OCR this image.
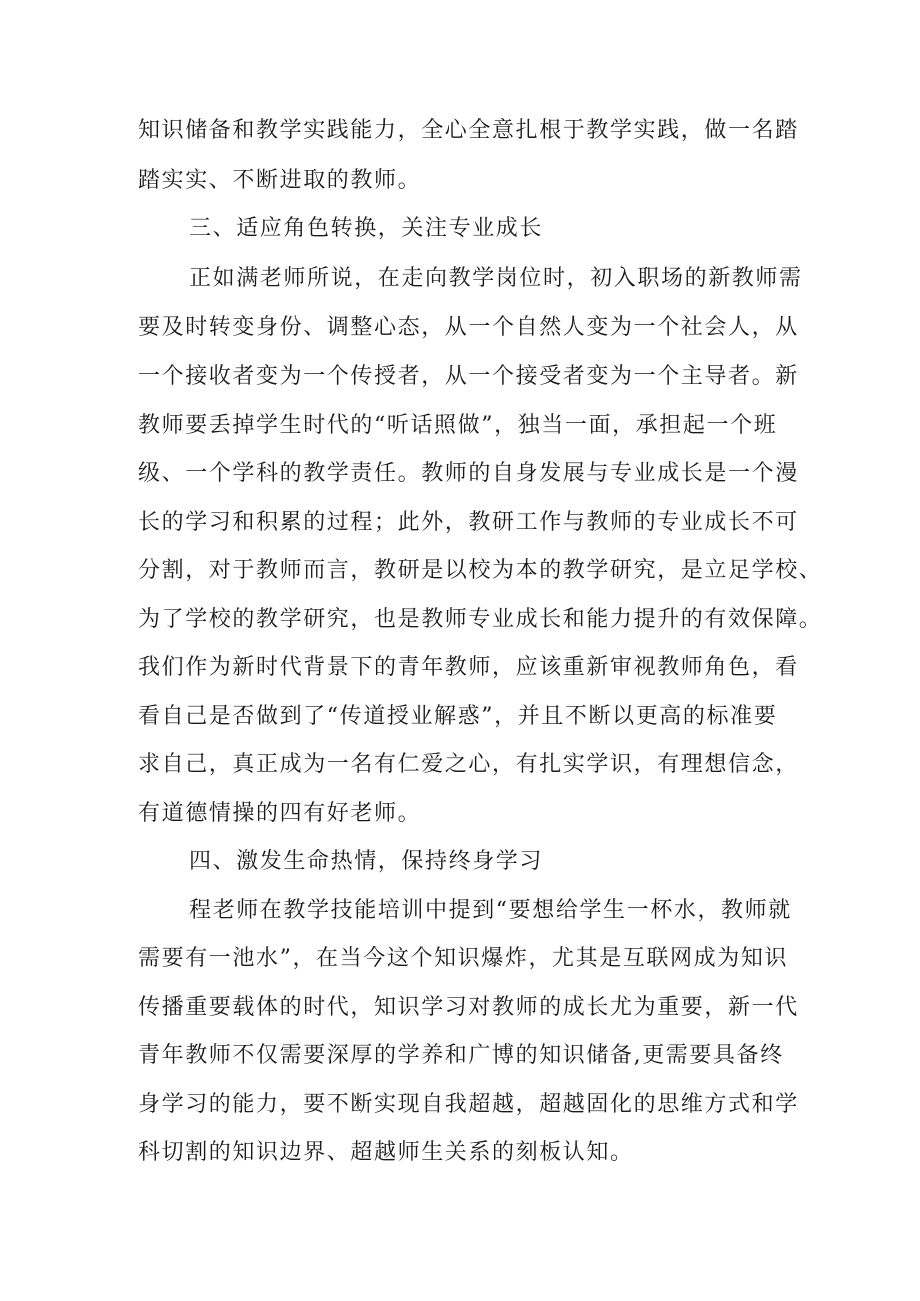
知识储备和教学实践能力，全心全意扎根于教学实践，做一名踏
踏实实、不断进取的教师。
三、适应角色转换，关注专业成长
正如满老师所说，在走向教学岗位时，初入职场的新教师需
要及时转变身份、调整心态，从一个自然人变为一个社会人，从
一个接收者变为一个传授者，从一个接受者变为一个主导者。新
教师要丢掉学生时代的“听话照做”，独当一面，承担起一个班
级、一个学科的教学责任。教师的自身发展与专业成长是一个漫
长的学习和积累的过程；此外，教研工作与教师的专业成长不可
分割，对于教师而言，教研是以校为本的教学研究，是立足学校、
为了学校的教学研究，也是教师专业成长和能力提升的有效保障。
我们作为新时代背景下的青年教师，应该重新审视教师角色，看
看自己是否做到了“传道授业解惑”，并且不断以更高的标准要
求自己，真正成为一名有仁爱之心，有扎实学识，有理想信念，
有道德情操的四有好老师。
四、激发生命热情，保持终身学习
程老师在教学技能培训中提到“要想给学生一杯水，教师就
需要有一池水”，在当今这个知识爆炸，尤其是互联网成为知识
传播重要载体的时代，知识学习对教师的成长尤为重要，新一代
青年教师不仅需要深厚的学养和广博的知识储备,更需要具备终
身学习的能力，要不断实现自我超越，超越固化的思维方式和学
科切割的知识边界、超越师生关系的刻板认知。
